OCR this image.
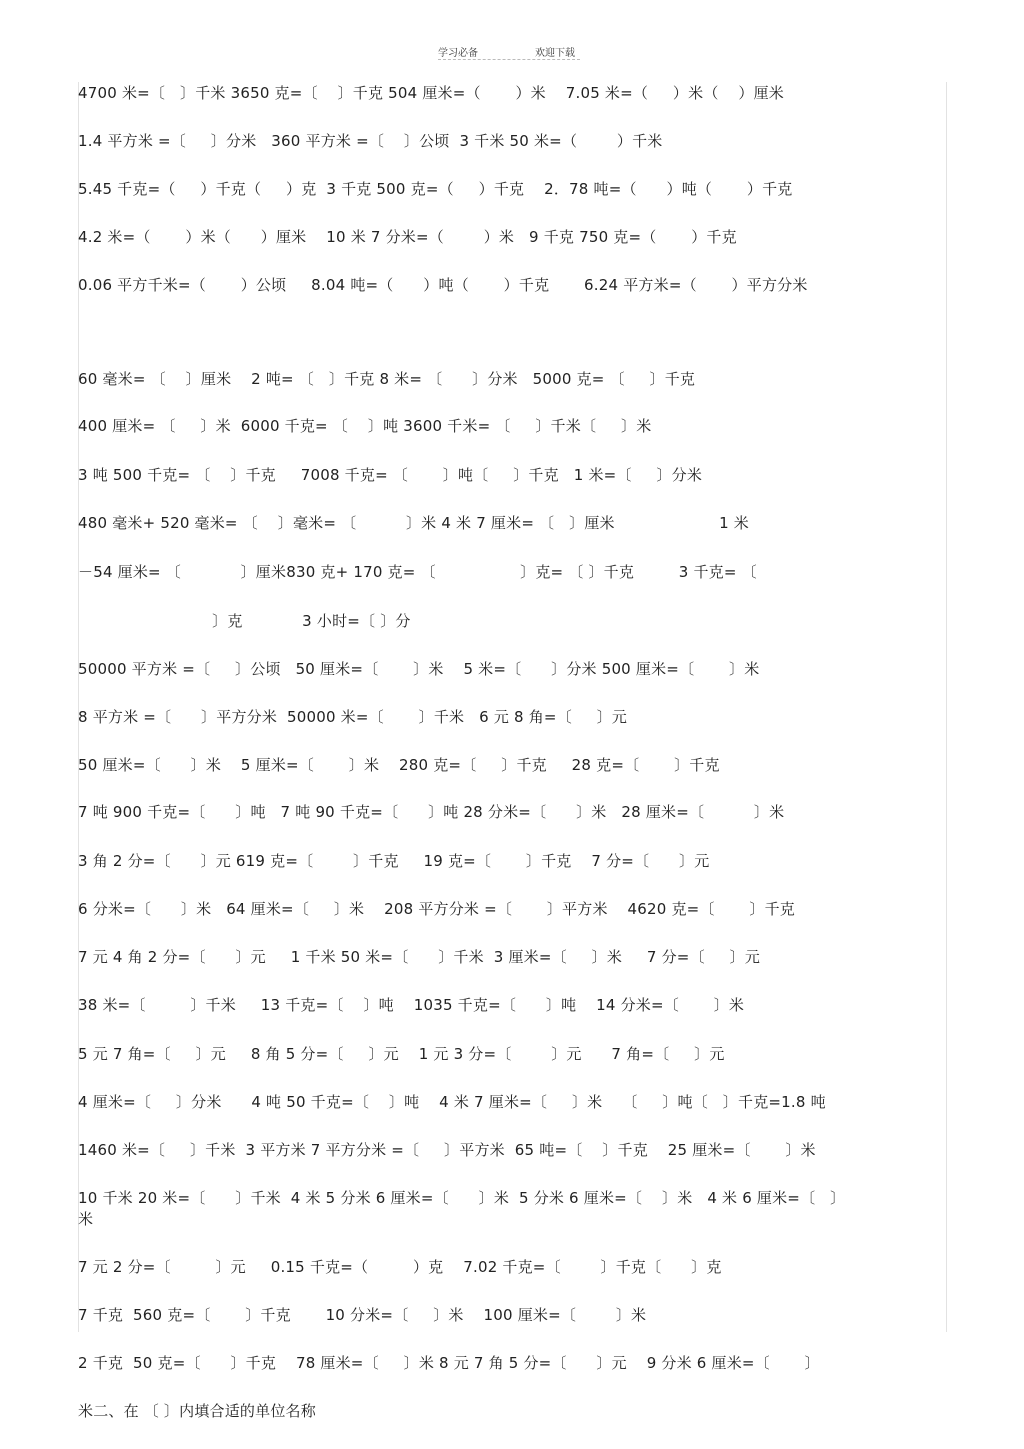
学习必备	欢迎下载
4700 米=〔   〕千米 3650 克=〔    〕千克 504 厘米=（       ）米    7.05 米=（     ）米（    ）厘米
1.4 平方米 =〔     〕分米   360 平方米 =〔    〕公顷  3 千米 50 米=（        ）千米
5.45 千克=（     ）千克（     ）克  3 千克 500 克=（     ）千克    2．78 吨=（      ）吨（       ）千克
4.2 米=（       ）米（      ）厘米    10 米 7 分米=（        ）米   9 千克 750 克=（       ）千克
0.06 平方千米=（       ）公顷     8.04 吨=（      ）吨（       ）千克       6.24 平方米=（       ）平方分米
60 毫米= 〔    〕厘米    2 吨= 〔   〕千克 8 米= 〔      〕分米   5000 克= 〔     〕千克
400 厘米= 〔     〕米  6000 千克= 〔    〕吨 3600 千米= 〔     〕千米〔     〕米
3 吨 500 千克= 〔    〕千克     7008 千克= 〔       〕吨〔     〕千克   1 米=〔     〕分米
480 毫米+ 520 毫米= 〔    〕毫米= 〔          〕米 4 米 7 厘米= 〔   〕厘米                     1 米
－54 厘米= 〔            〕厘米830 克+ 170 克= 〔                 〕克= 〔 〕千克         3 千克= 〔
〕克            3 小时=〔 〕分
50000 平方米 =〔     〕公顷   50 厘米=〔       〕米    5 米=〔      〕分米 500 厘米=〔       〕米
8 平方米 =〔      〕平方分米  50000 米=〔       〕千米   6 元 8 角=〔     〕元
50 厘米=〔      〕米    5 厘米=〔       〕米    280 克=〔     〕千克     28 克=〔       〕千克
7 吨 900 千克=〔      〕吨   7 吨 90 千克=〔      〕吨 28 分米=〔      〕米   28 厘米=〔          〕米
3 角 2 分=〔      〕元 619 克=〔        〕千克     19 克=〔       〕千克    7 分=〔      〕元
6 分米=〔      〕米   64 厘米=〔     〕米    208 平方分米 =〔       〕平方米    4620 克=〔       〕千克
7 元 4 角 2 分=〔      〕元     1 千米 50 米=〔      〕千米  3 厘米=〔     〕米     7 分=〔     〕元
38 米=〔         〕千米     13 千克=〔    〕吨    1035 千克=〔      〕吨    14 分米=〔       〕米
5 元 7 角=〔     〕元     8 角 5 分=〔     〕元    1 元 3 分=〔        〕元      7 角=〔     〕元
4 厘米=〔     〕分米      4 吨 50 千克=〔    〕吨    4 米 7 厘米=〔     〕米    〔     〕吨〔   〕千克=1.8 吨
1460 米=〔     〕千米  3 平方米 7 平方分米 =〔     〕平方米  65 吨=〔    〕千克    25 厘米=〔       〕米
10 千米 20 米=〔      〕千米  4 米 5 分米 6 厘米=〔      〕米  5 分米 6 厘米=〔    〕米   4 米 6 厘米=〔   〕
米
7 元 2 分=〔         〕元     0.15 千克=（         ）克    7.02 千克=〔        〕千克〔      〕克
7 千克  560 克=〔       〕千克       10 分米=〔     〕米    100 厘米=〔        〕米
2 千克  50 克=〔      〕千克    78 厘米=〔     〕米 8 元 7 角 5 分=〔      〕元    9 分米 6 厘米=〔       〕
米二、在 〔 〕内填合适的单位名称
